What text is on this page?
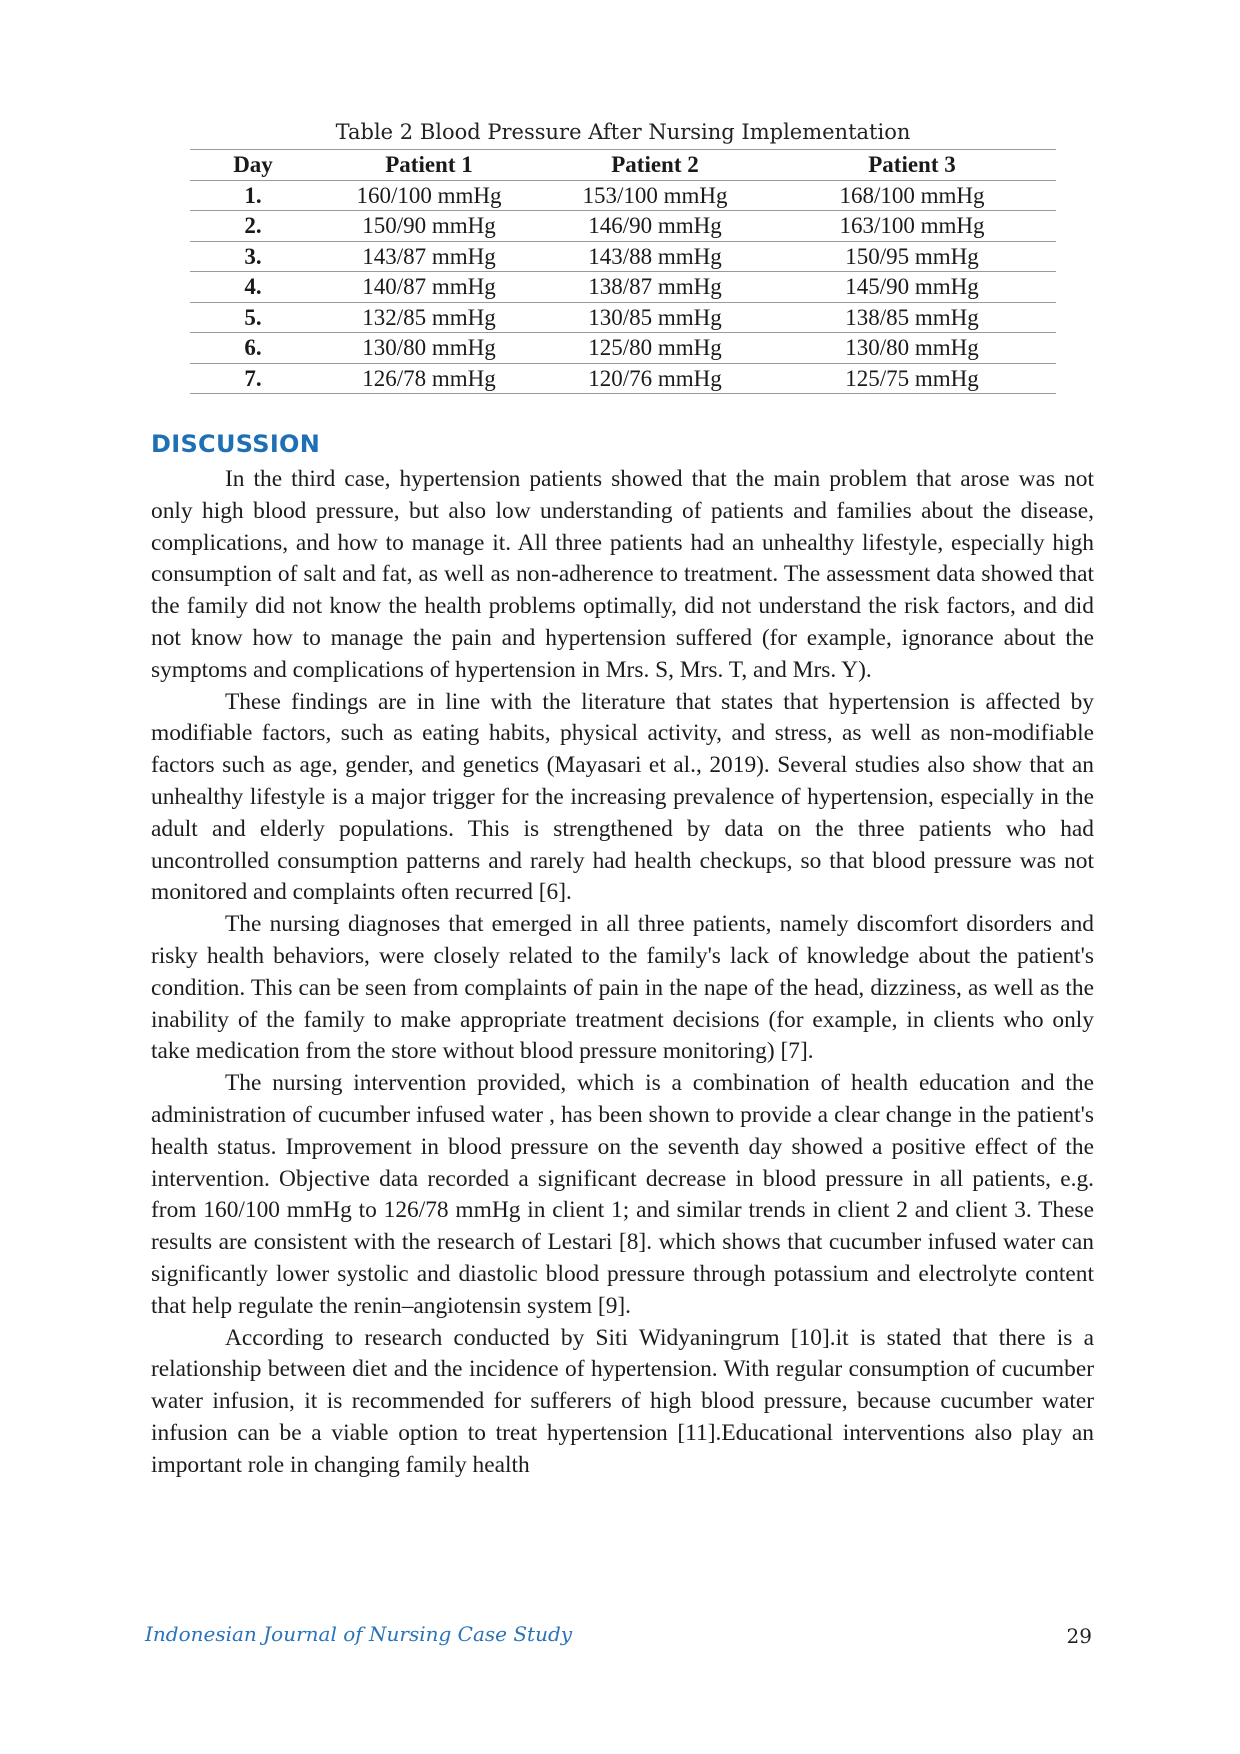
Table 2 Blood Pressure After Nursing Implementation
Day	Patient 1	Patient 2	Patient 3
1.	160/100 mmHg	153/100 mmHg	168/100 mmHg
2.	150/90 mmHg	146/90 mmHg	163/100 mmHg
3.	143/87 mmHg	143/88 mmHg	150/95 mmHg
4.	140/87 mmHg	138/87 mmHg	145/90 mmHg
5.	132/85 mmHg	130/85 mmHg	138/85 mmHg
6.	130/80 mmHg	125/80 mmHg	130/80 mmHg
7.	126/78 mmHg	120/76 mmHg	125/75 mmHg
DISCUSSION

In the third case, hypertension patients showed that the main problem that arose was not only high blood pressure, but also low understanding of patients and families about the disease, complications, and how to manage it. All three patients had an unhealthy lifestyle, especially high consumption of salt and fat, as well as non-adherence to treatment. The assessment data showed that the family did not know the health problems optimally, did not understand the risk factors, and did not know how to manage the pain and hypertension suffered (for example, ignorance about the symptoms and complications of hypertension in Mrs. S, Mrs. T, and Mrs. Y).

These findings are in line with the literature that states that hypertension is affected by modifiable factors, such as eating habits, physical activity, and stress, as well as non-modifiable factors such as age, gender, and genetics (Mayasari et al., 2019). Several studies also show that an unhealthy lifestyle is a major trigger for the increasing prevalence of hypertension, especially in the adult and elderly populations. This is strengthened by data on the three patients who had uncontrolled consumption patterns and rarely had health checkups, so that blood pressure was not monitored and complaints often recurred [6].

The nursing diagnoses that emerged in all three patients, namely discomfort disorders and risky health behaviors, were closely related to the family's lack of knowledge about the patient's condition. This can be seen from complaints of pain in the nape of the head, dizziness, as well as the inability of the family to make appropriate treatment decisions (for example, in clients who only take medication from the store without blood pressure monitoring) [7].

The nursing intervention provided, which is a combination of health education and the administration of cucumber infused water , has been shown to provide a clear change in the patient's health status. Improvement in blood pressure on the seventh day showed a positive effect of the intervention. Objective data recorded a significant decrease in blood pressure in all patients, e.g. from 160/100 mmHg to 126/78 mmHg in client 1; and similar trends in client 2 and client 3. These results are consistent with the research of Lestari [8]. which shows that cucumber infused water can significantly lower systolic and diastolic blood pressure through potassium and electrolyte content that help regulate the renin–angiotensin system [9].

According to research conducted by Siti Widyaningrum [10].it is stated that there is a relationship between diet and the incidence of hypertension. With regular consumption of cucumber water infusion, it is recommended for sufferers of high blood pressure, because cucumber water infusion can be a viable option to treat hypertension [11].Educational interventions also play an important role in changing family health

Indonesian Journal of Nursing Case Study	29
